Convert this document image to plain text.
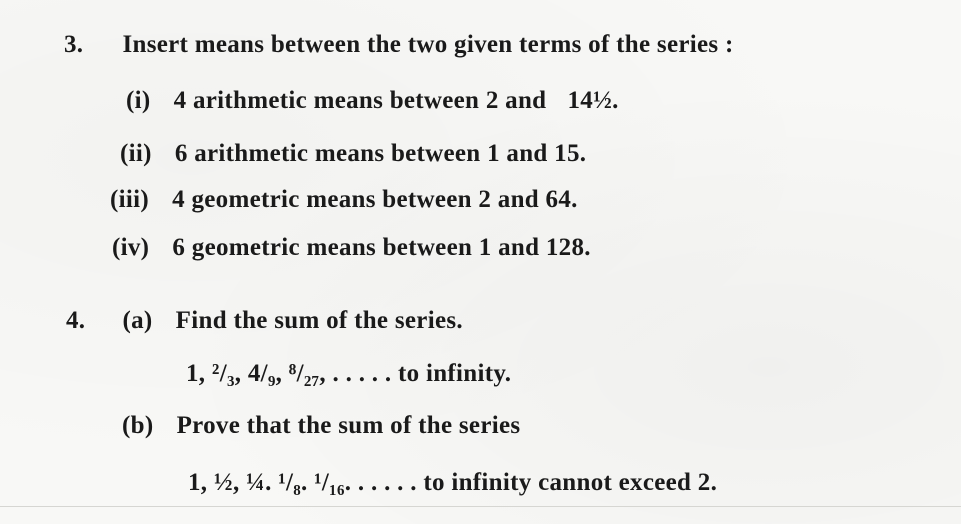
3. Insert means between the two given terms of the series :
(i) 4 arithmetic means between 2 and 14½.
(ii) 6 arithmetic means between 1 and 15.
(iii) 4 geometric means between 2 and 64.
(iv) 6 geometric means between 1 and 128.
4. (a) Find the sum of the series.
1, ²/₃, 4/₉, ⁸/₂₇, . . . . . to infinity.
(b) Prove that the sum of the series
1, ½, ¼. ¹/₈. ¹/₁₆. . . . . . to infinity cannot exceed 2.
